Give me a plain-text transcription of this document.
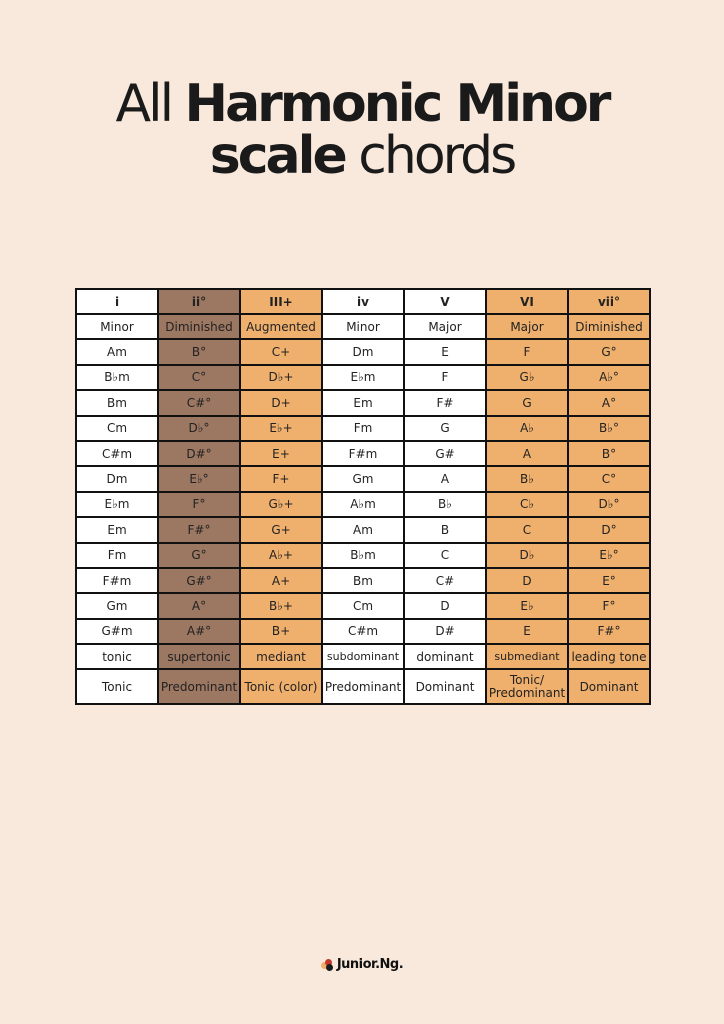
All Harmonic Minor
scale chords
i	ii°	III+	iv	V	VI	vii°
Minor	Diminished	Augmented	Minor	Major	Major	Diminished
Am	B°	C+	Dm	E	F	G°
B♭m	C°	D♭+	E♭m	F	G♭	A♭°
Bm	C#°	D+	Em	F#	G	A°
Cm	D♭°	E♭+	Fm	G	A♭	B♭°
C#m	D#°	E+	F#m	G#	A	B°
Dm	E♭°	F+	Gm	A	B♭	C°
E♭m	F°	G♭+	A♭m	B♭	C♭	D♭°
Em	F#°	G+	Am	B	C	D°
Fm	G°	A♭+	B♭m	C	D♭	E♭°
F#m	G#°	A+	Bm	C#	D	E°
Gm	A°	B♭+	Cm	D	E♭	F°
G#m	A#°	B+	C#m	D#	E	F#°
tonic	supertonic	mediant	subdominant	dominant	submediant	leading tone
Tonic	Predominant	Tonic (color)	Predominant	Dominant	Tonic/ Predominant	Dominant
Junior.Ng.
